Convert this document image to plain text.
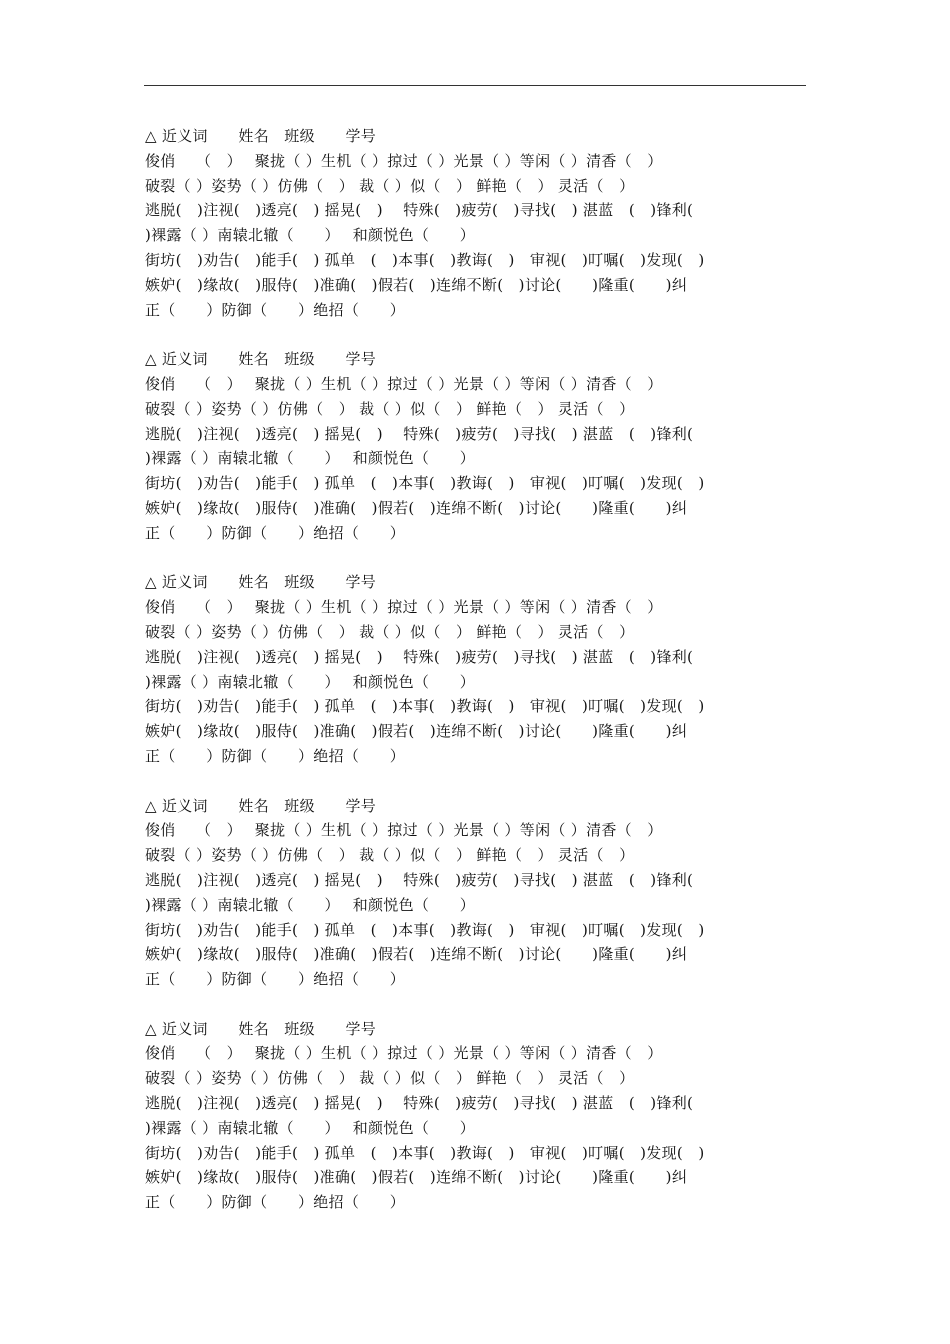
△ 近义词　　姓名　班级　　学号
俊俏　 （　）　 聚拢（ ）生机（ ）掠过（ ）光景（ ）等闲（ ）清香（　）
破裂（ ）姿势（ ）仿佛（　） 裁（ ）似（　） 鲜艳（　） 灵活（　）
逃脱(　)注视(　)透亮(　) 摇晃(　)　 特殊(　)疲劳(　)寻找(　) 湛蓝　(　)锋利(
)裸露（ ）南辕北辙（　　）　 和颜悦色（　　）
街坊(　)劝告(　)能手(　) 孤单　(　)本事(　)教诲(　)　审视(　)叮嘱(　)发现(　)
嫉妒(　)缘故(　)服侍(　)准确(　)假若(　)连绵不断(　)讨论(　　)隆重(　　)纠
正（　　）防御（　　）绝招（　　）
△ 近义词　　姓名　班级　　学号
俊俏　 （　）　 聚拢（ ）生机（ ）掠过（ ）光景（ ）等闲（ ）清香（　）
破裂（ ）姿势（ ）仿佛（　） 裁（ ）似（　） 鲜艳（　） 灵活（　）
逃脱(　)注视(　)透亮(　) 摇晃(　)　 特殊(　)疲劳(　)寻找(　) 湛蓝　(　)锋利(
)裸露（ ）南辕北辙（　　）　 和颜悦色（　　）
街坊(　)劝告(　)能手(　) 孤单　(　)本事(　)教诲(　)　审视(　)叮嘱(　)发现(　)
嫉妒(　)缘故(　)服侍(　)准确(　)假若(　)连绵不断(　)讨论(　　)隆重(　　)纠
正（　　）防御（　　）绝招（　　）
△ 近义词　　姓名　班级　　学号
俊俏　 （　）　 聚拢（ ）生机（ ）掠过（ ）光景（ ）等闲（ ）清香（　）
破裂（ ）姿势（ ）仿佛（　） 裁（ ）似（　） 鲜艳（　） 灵活（　）
逃脱(　)注视(　)透亮(　) 摇晃(　)　 特殊(　)疲劳(　)寻找(　) 湛蓝　(　)锋利(
)裸露（ ）南辕北辙（　　）　 和颜悦色（　　）
街坊(　)劝告(　)能手(　) 孤单　(　)本事(　)教诲(　)　审视(　)叮嘱(　)发现(　)
嫉妒(　)缘故(　)服侍(　)准确(　)假若(　)连绵不断(　)讨论(　　)隆重(　　)纠
正（　　）防御（　　）绝招（　　）
△ 近义词　　姓名　班级　　学号
俊俏　 （　）　 聚拢（ ）生机（ ）掠过（ ）光景（ ）等闲（ ）清香（　）
破裂（ ）姿势（ ）仿佛（　） 裁（ ）似（　） 鲜艳（　） 灵活（　）
逃脱(　)注视(　)透亮(　) 摇晃(　)　 特殊(　)疲劳(　)寻找(　) 湛蓝　(　)锋利(
)裸露（ ）南辕北辙（　　）　 和颜悦色（　　）
街坊(　)劝告(　)能手(　) 孤单　(　)本事(　)教诲(　)　审视(　)叮嘱(　)发现(　)
嫉妒(　)缘故(　)服侍(　)准确(　)假若(　)连绵不断(　)讨论(　　)隆重(　　)纠
正（　　）防御（　　）绝招（　　）
△ 近义词　　姓名　班级　　学号
俊俏　 （　）　 聚拢（ ）生机（ ）掠过（ ）光景（ ）等闲（ ）清香（　）
破裂（ ）姿势（ ）仿佛（　） 裁（ ）似（　） 鲜艳（　） 灵活（　）
逃脱(　)注视(　)透亮(　) 摇晃(　)　 特殊(　)疲劳(　)寻找(　) 湛蓝　(　)锋利(
)裸露（ ）南辕北辙（　　）　 和颜悦色（　　）
街坊(　)劝告(　)能手(　) 孤单　(　)本事(　)教诲(　)　审视(　)叮嘱(　)发现(　)
嫉妒(　)缘故(　)服侍(　)准确(　)假若(　)连绵不断(　)讨论(　　)隆重(　　)纠
正（　　）防御（　　）绝招（　　）
